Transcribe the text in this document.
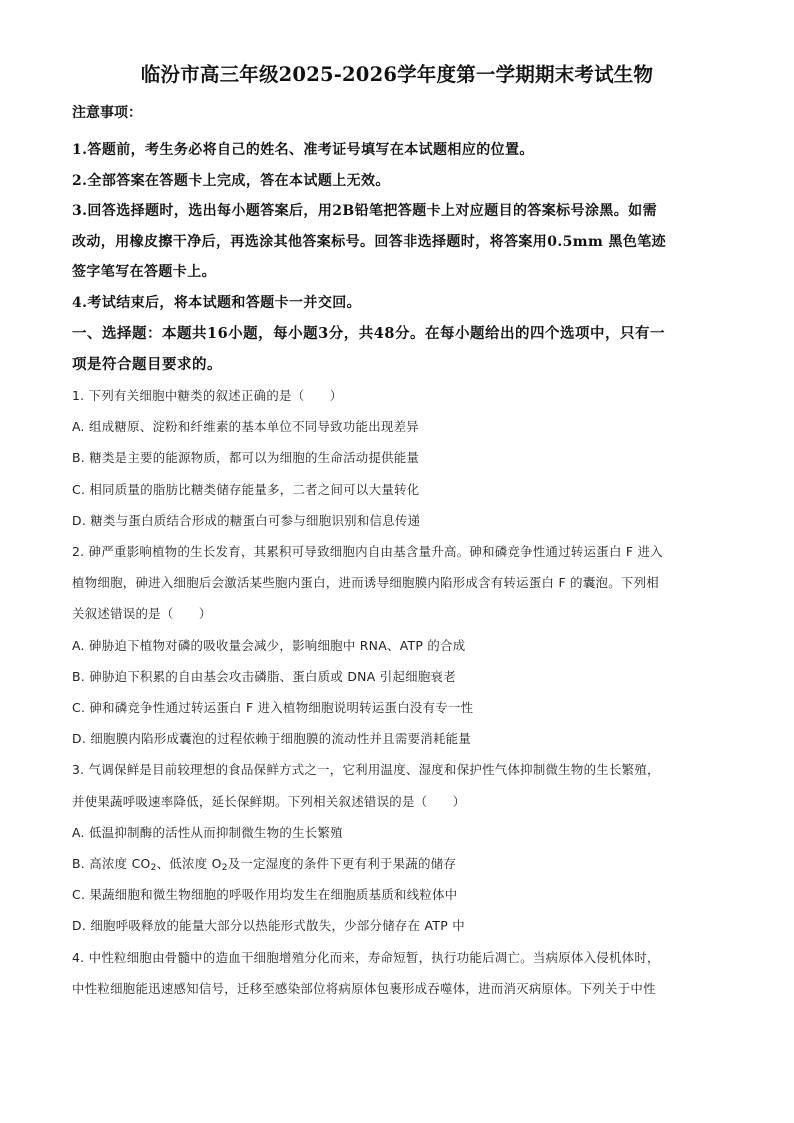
临汾市高三年级2025-2026学年度第一学期期末考试生物
注意事项：
1.答题前，考生务必将自己的姓名、准考证号填写在本试题相应的位置。
2.全部答案在答题卡上完成，答在本试题上无效。
3.回答选择题时，选出每小题答案后，用2B铅笔把答题卡上对应题目的答案标号涂黑。如需
改动，用橡皮擦干净后，再选涂其他答案标号。回答非选择题时，将答案用0.5mm 黑色笔迹
签字笔写在答题卡上。
4.考试结束后，将本试题和答题卡一并交回。
一、选择题：本题共16小题，每小题3分，共48分。在每小题给出的四个选项中，只有一
项是符合题目要求的。
1. 下列有关细胞中糖类的叙述正确的是（　　）
A. 组成糖原、淀粉和纤维素的基本单位不同导致功能出现差异
B. 糖类是主要的能源物质，都可以为细胞的生命活动提供能量
C. 相同质量的脂肪比糖类储存能量多，二者之间可以大量转化
D. 糖类与蛋白质结合形成的糖蛋白可参与细胞识别和信息传递
2. 砷严重影响植物的生长发育，其累积可导致细胞内自由基含量升高。砷和磷竞争性通过转运蛋白 F 进入
植物细胞，砷进入细胞后会激活某些胞内蛋白，进而诱导细胞膜内陷形成含有转运蛋白 F 的囊泡。下列相
关叙述错误的是（　　）
A. 砷胁迫下植物对磷的吸收量会减少，影响细胞中 RNA、ATP 的合成
B. 砷胁迫下积累的自由基会攻击磷脂、蛋白质或 DNA 引起细胞衰老
C. 砷和磷竞争性通过转运蛋白 F 进入植物细胞说明转运蛋白没有专一性
D. 细胞膜内陷形成囊泡的过程依赖于细胞膜的流动性并且需要消耗能量
3. 气调保鲜是目前较理想的食品保鲜方式之一，它利用温度、湿度和保护性气体抑制微生物的生长繁殖，
并使果蔬呼吸速率降低，延长保鲜期。下列相关叙述错误的是（　　）
A. 低温抑制酶的活性从而抑制微生物的生长繁殖
B. 高浓度 $CO_2$、低浓度 $O_2$及一定湿度的条件下更有利于果蔬的储存
C. 果蔬细胞和微生物细胞的呼吸作用均发生在细胞质基质和线粒体中
D. 细胞呼吸释放的能量大部分以热能形式散失，少部分储存在 ATP 中
4. 中性粒细胞由骨髓中的造血干细胞增殖分化而来，寿命短暂，执行功能后凋亡。当病原体入侵机体时，
中性粒细胞能迅速感知信号，迁移至感染部位将病原体包裹形成吞噬体，进而消灭病原体。下列关于中性
